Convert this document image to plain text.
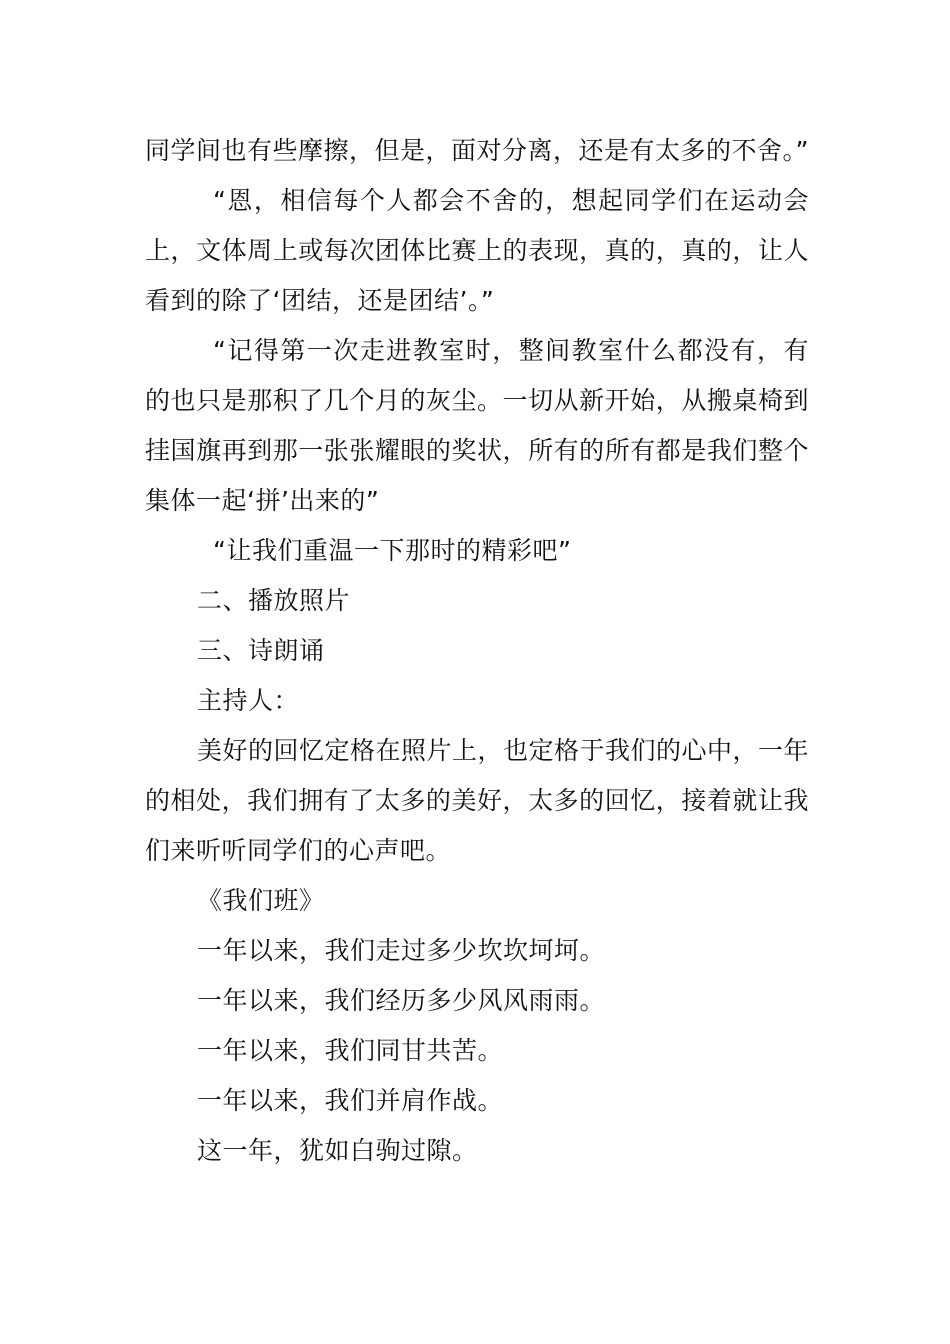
同学间也有些摩擦，但是，面对分离，还是有太多的不舍。”

“恩，相信每个人都会不舍的，想起同学们在运动会上，文体周上或每次团体比赛上的表现，真的，真的，让人看到的除了‘团结，还是团结’。”

“记得第一次走进教室时，整间教室什么都没有，有的也只是那积了几个月的灰尘。一切从新开始，从搬桌椅到挂国旗再到那一张张耀眼的奖状，所有的所有都是我们整个集体一起‘拼’出来的”

“让我们重温一下那时的精彩吧”

二、播放照片

三、诗朗诵

主持人：

美好的回忆定格在照片上，也定格于我们的心中，一年的相处，我们拥有了太多的美好，太多的回忆，接着就让我们来听听同学们的心声吧。

《我们班》

一年以来，我们走过多少坎坎坷坷。

一年以来，我们经历多少风风雨雨。

一年以来，我们同甘共苦。

一年以来，我们并肩作战。

这一年，犹如白驹过隙。
